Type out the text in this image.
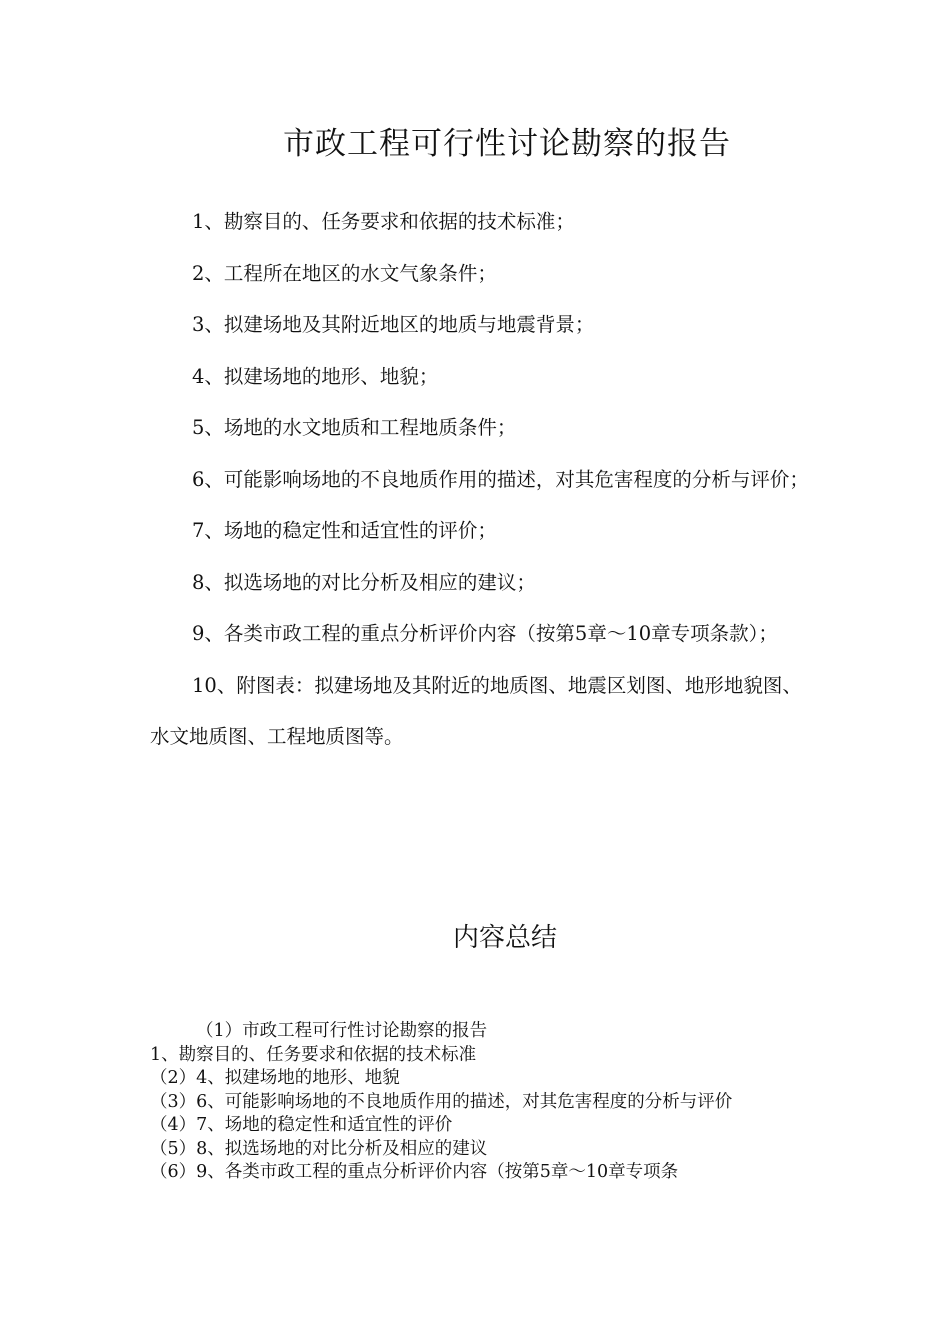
市政工程可行性讨论勘察的报告
1、勘察目的、任务要求和依据的技术标准；
2、工程所在地区的水文气象条件；
3、拟建场地及其附近地区的地质与地震背景；
4、拟建场地的地形、地貌；
5、场地的水文地质和工程地质条件；
6、可能影响场地的不良地质作用的描述，对其危害程度的分析与评价；
7、场地的稳定性和适宜性的评价；
8、拟选场地的对比分析及相应的建议；
9、各类市政工程的重点分析评价内容（按第5章～10章专项条款）；
10、附图表：拟建场地及其附近的地质图、地震区划图、地形地貌图、水文地质图、工程地质图等。
内容总结
（1）市政工程可行性讨论勘察的报告
1、勘察目的、任务要求和依据的技术标准
（2）4、拟建场地的地形、地貌
（3）6、可能影响场地的不良地质作用的描述，对其危害程度的分析与评价
（4）7、场地的稳定性和适宜性的评价
（5）8、拟选场地的对比分析及相应的建议
（6）9、各类市政工程的重点分析评价内容（按第5章～10章专项条
